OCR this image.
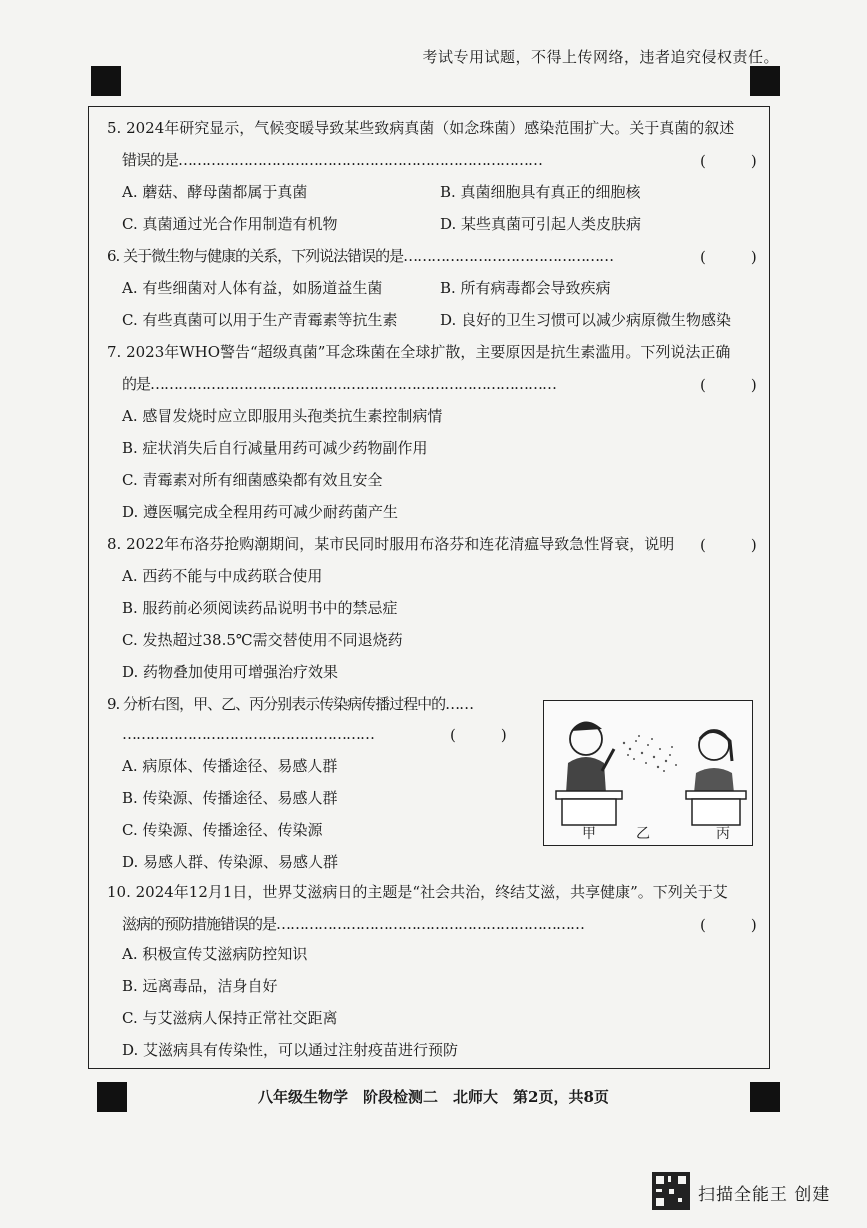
考试专用试题，不得上传网络，违者追究侵权责任。
5. 2024年研究显示，气候变暖导致某些致病真菌（如念珠菌）感染范围扩大。关于真菌的叙述
错误的是……………………………………………………………………	(　　　)
A. 蘑菇、酵母菌都属于真菌	B. 真菌细胞具有真正的细胞核
C. 真菌通过光合作用制造有机物	D. 某些真菌可引起人类皮肤病
6. 关于微生物与健康的关系，下列说法错误的是………………………………………	(　　　)
A. 有些细菌对人体有益，如肠道益生菌	B. 所有病毒都会导致疾病
C. 有些真菌可以用于生产青霉素等抗生素	D. 良好的卫生习惯可以减少病原微生物感染
7. 2023年WHO警告“超级真菌”耳念珠菌在全球扩散，主要原因是抗生素滥用。下列说法正确
的是……………………………………………………………………………	(　　　)
A. 感冒发烧时应立即服用头孢类抗生素控制病情
B. 症状消失后自行减量用药可减少药物副作用
C. 青霉素对所有细菌感染都有效且安全
D. 遵医嘱完成全程用药可减少耐药菌产生
8. 2022年布洛芬抢购潮期间，某市民同时服用布洛芬和连花清瘟导致急性肾衰，说明 (　　　)
A. 西药不能与中成药联合使用
B. 服药前必须阅读药品说明书中的禁忌症
C. 发热超过38.5℃需交替使用不同退烧药
D. 药物叠加使用可增强治疗效果
9. 分析右图，甲、乙、丙分别表示传染病传播过程中的……
………………………………………………	(　　　)
A. 病原体、传播途径、易感人群
B. 传染源、传播途径、易感人群
C. 传染源、传播途径、传染源
D. 易感人群、传染源、易感人群
甲	乙	丙
10. 2024年12月1日，世界艾滋病日的主题是“社会共治，终结艾滋，共享健康”。下列关于艾
滋病的预防措施错误的是…………………………………………………………	(　　　)
A. 积极宣传艾滋病防控知识
B. 远离毒品，洁身自好
C. 与艾滋病人保持正常社交距离
D. 艾滋病具有传染性，可以通过注射疫苗进行预防
八年级生物学　阶段检测二　北师大　第2页，共8页
扫描全能王 创建
